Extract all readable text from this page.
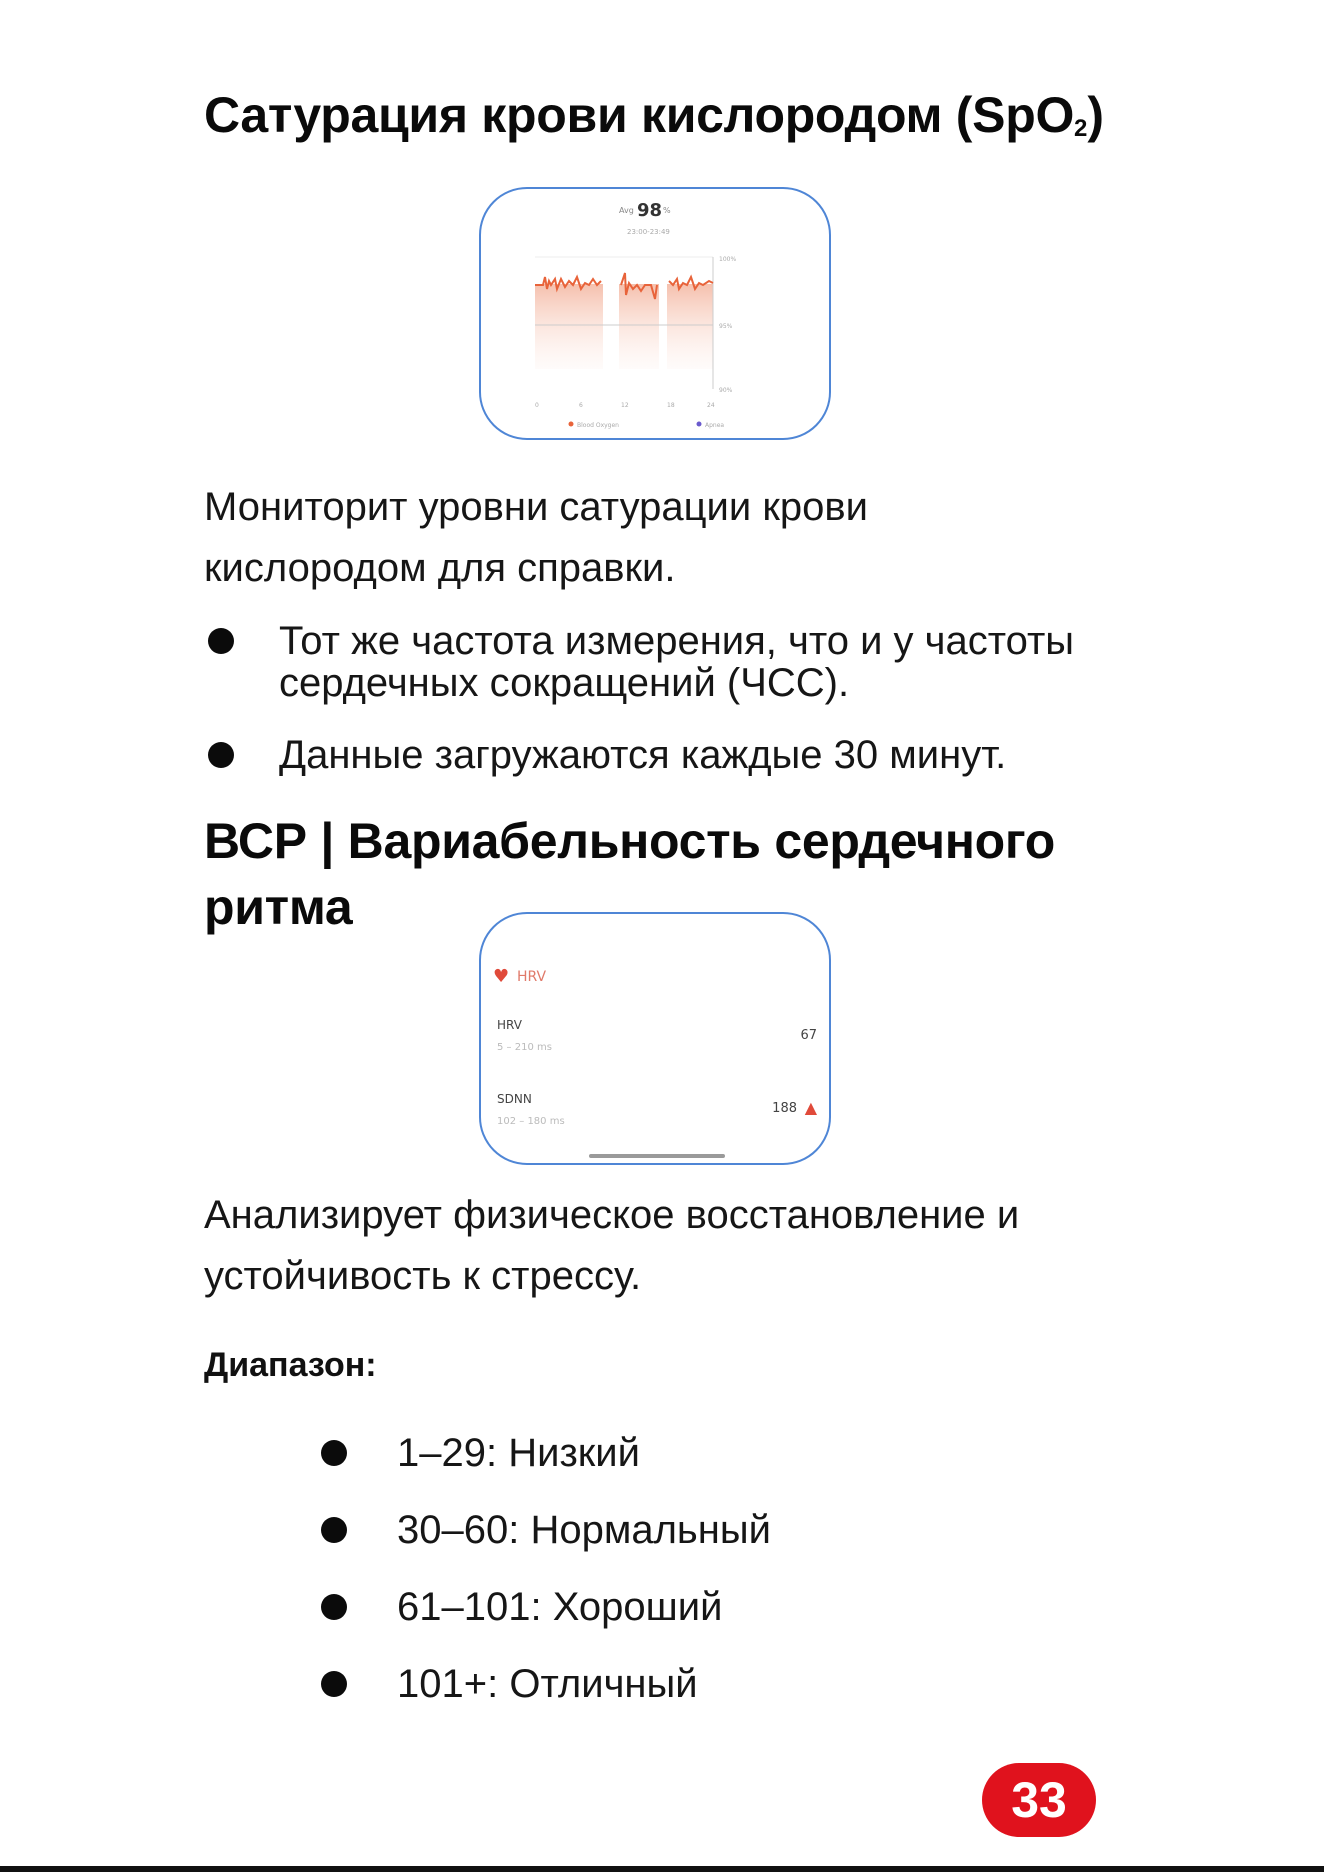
Сатурация крови кислородом (SpO$_2$)
Avg 98 %
23:00-23:49
100%
95%
90%
0	6	12	18	24
Blood Oxygen	Apnea

Мониторит уровни сатурации крови кислородом для справки.

Тот же частота измерения, что и у частоты сердечных сокращений (ЧСС).
Данные загружаются каждые 30 минут.
ВСР | Вариабельность сердечного ритма
♥ HRV
HRV
5 – 210 ms
67
SDNN
102 – 180 ms
188 ▲

Анализирует физическое восстановление и устойчивость к стрессу.

Диапазон:

1–29: Низкий
30–60: Нормальный
61–101: Хороший
101+: Отличный
33
